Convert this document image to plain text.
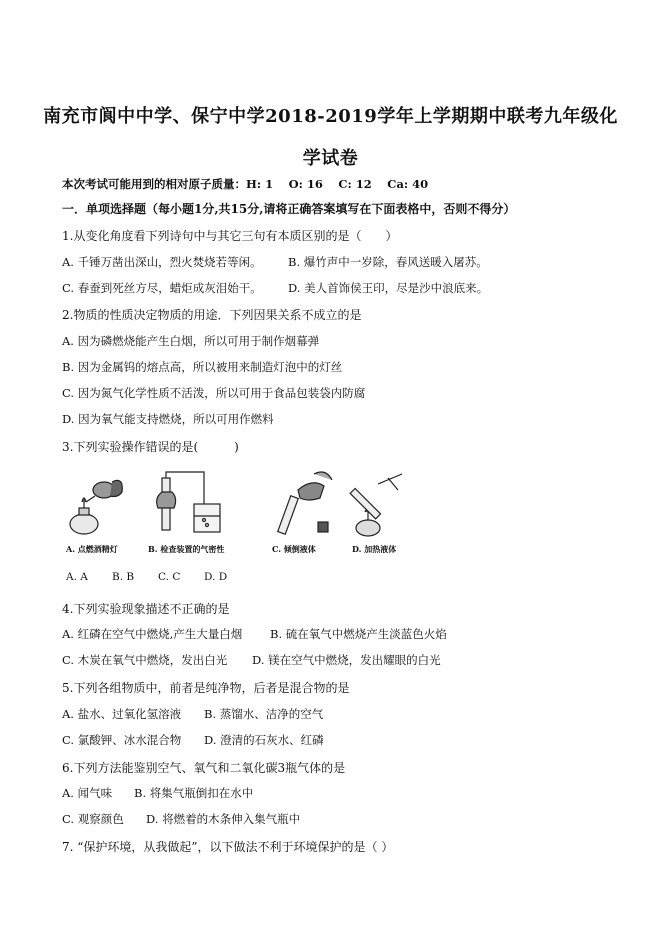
南充市阆中中学、保宁中学2018-2019学年上学期期中联考九年级化
学试卷
本次考试可能用到的相对原子质量：H: 1　 O: 16　 C: 12　 Ca: 40
一．单项选择题（每小题1分,共15分,请将正确答案填写在下面表格中，否则不得分）
1.从变化角度看下列诗句中与其它三句有本质区别的是（　　）
A. 千锤万凿出深山，烈火焚烧若等闲。 B. 爆竹声中一岁除，春风送暖入屠苏。
C. 春蚕到死丝方尽，蜡炬成灰泪始干。 D. 美人首饰侯王印，尽是沙中浪底来。
2.物质的性质决定物质的用途．下列因果关系不成立的是
A. 因为磷燃烧能产生白烟，所以可用于制作烟幕弹
B. 因为金属钨的熔点高，所以被用来制造灯泡中的灯丝
C. 因为氮气化学性质不活泼，所以可用于食品包装袋内防腐
D. 因为氧气能支持燃烧，所以可用作燃料
3.下列实验操作错误的是(　　　)
A. 点燃酒精灯	B. 检查装置的气密性	C. 倾倒液体	D. 加热液体
A. A B. B C. C D. D
4.下列实验现象描述不正确的是
A. 红磷在空气中燃烧,产生大量白烟 B. 硫在氧气中燃烧产生淡蓝色火焰
C. 木炭在氧气中燃烧，发出白光 D. 镁在空气中燃烧，发出耀眼的白光
5.下列各组物质中，前者是纯净物，后者是混合物的是
A. 盐水、过氧化氢溶液 B. 蒸馏水、洁净的空气
C. 氯酸钾、冰水混合物 D. 澄清的石灰水、红磷
6.下列方法能鉴别空气、氧气和二氧化碳3瓶气体的是
A. 闻气味 B. 将集气瓶倒扣在水中
C. 观察颜色 D. 将燃着的木条伸入集气瓶中
7. “保护环境，从我做起”，以下做法不利于环境保护的是（ ）
